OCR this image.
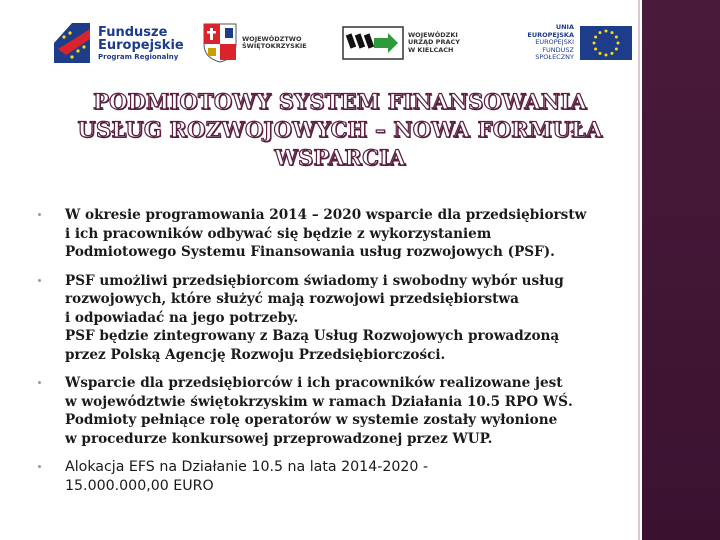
Fundusze
Europejskie
Program Regionalny
WOJEWÓDZTWO
ŚWIĘTOKRZYSKIE
WOJEWÓDZKI
URZĄD PRACY
W KIELCACH
UNIA EUROPEJSKA
EUROPEJSKI
FUNDUSZ SPOŁECZNY
PODMIOTOWY SYSTEM FINANSOWANIA
USŁUG ROZWOJOWYCH – NOWA FORMUŁA
WSPARCIA
W okresie programowania 2014 – 2020 wsparcie dla przedsiębiorstw
i ich pracowników odbywać się będzie z wykorzystaniem
Podmiotowego Systemu Finansowania usług rozwojowych (PSF).
PSF umożliwi przedsiębiorcom świadomy i swobodny wybór usług
rozwojowych, które służyć mają rozwojowi przedsiębiorstwa
i odpowiadać na jego potrzeby.
PSF będzie zintegrowany z Bazą Usług Rozwojowych prowadzoną
przez Polską Agencję Rozwoju Przedsiębiorczości.
Wsparcie dla przedsiębiorców i ich pracowników realizowane jest
w województwie świętokrzyskim w ramach Działania 10.5 RPO WŚ.
Podmioty pełniące rolę operatorów w systemie zostały wyłonione
w procedurze konkursowej przeprowadzonej przez WUP.
Alokacja EFS na Działanie 10.5 na lata 2014-2020 -
15.000.000,00 EURO
